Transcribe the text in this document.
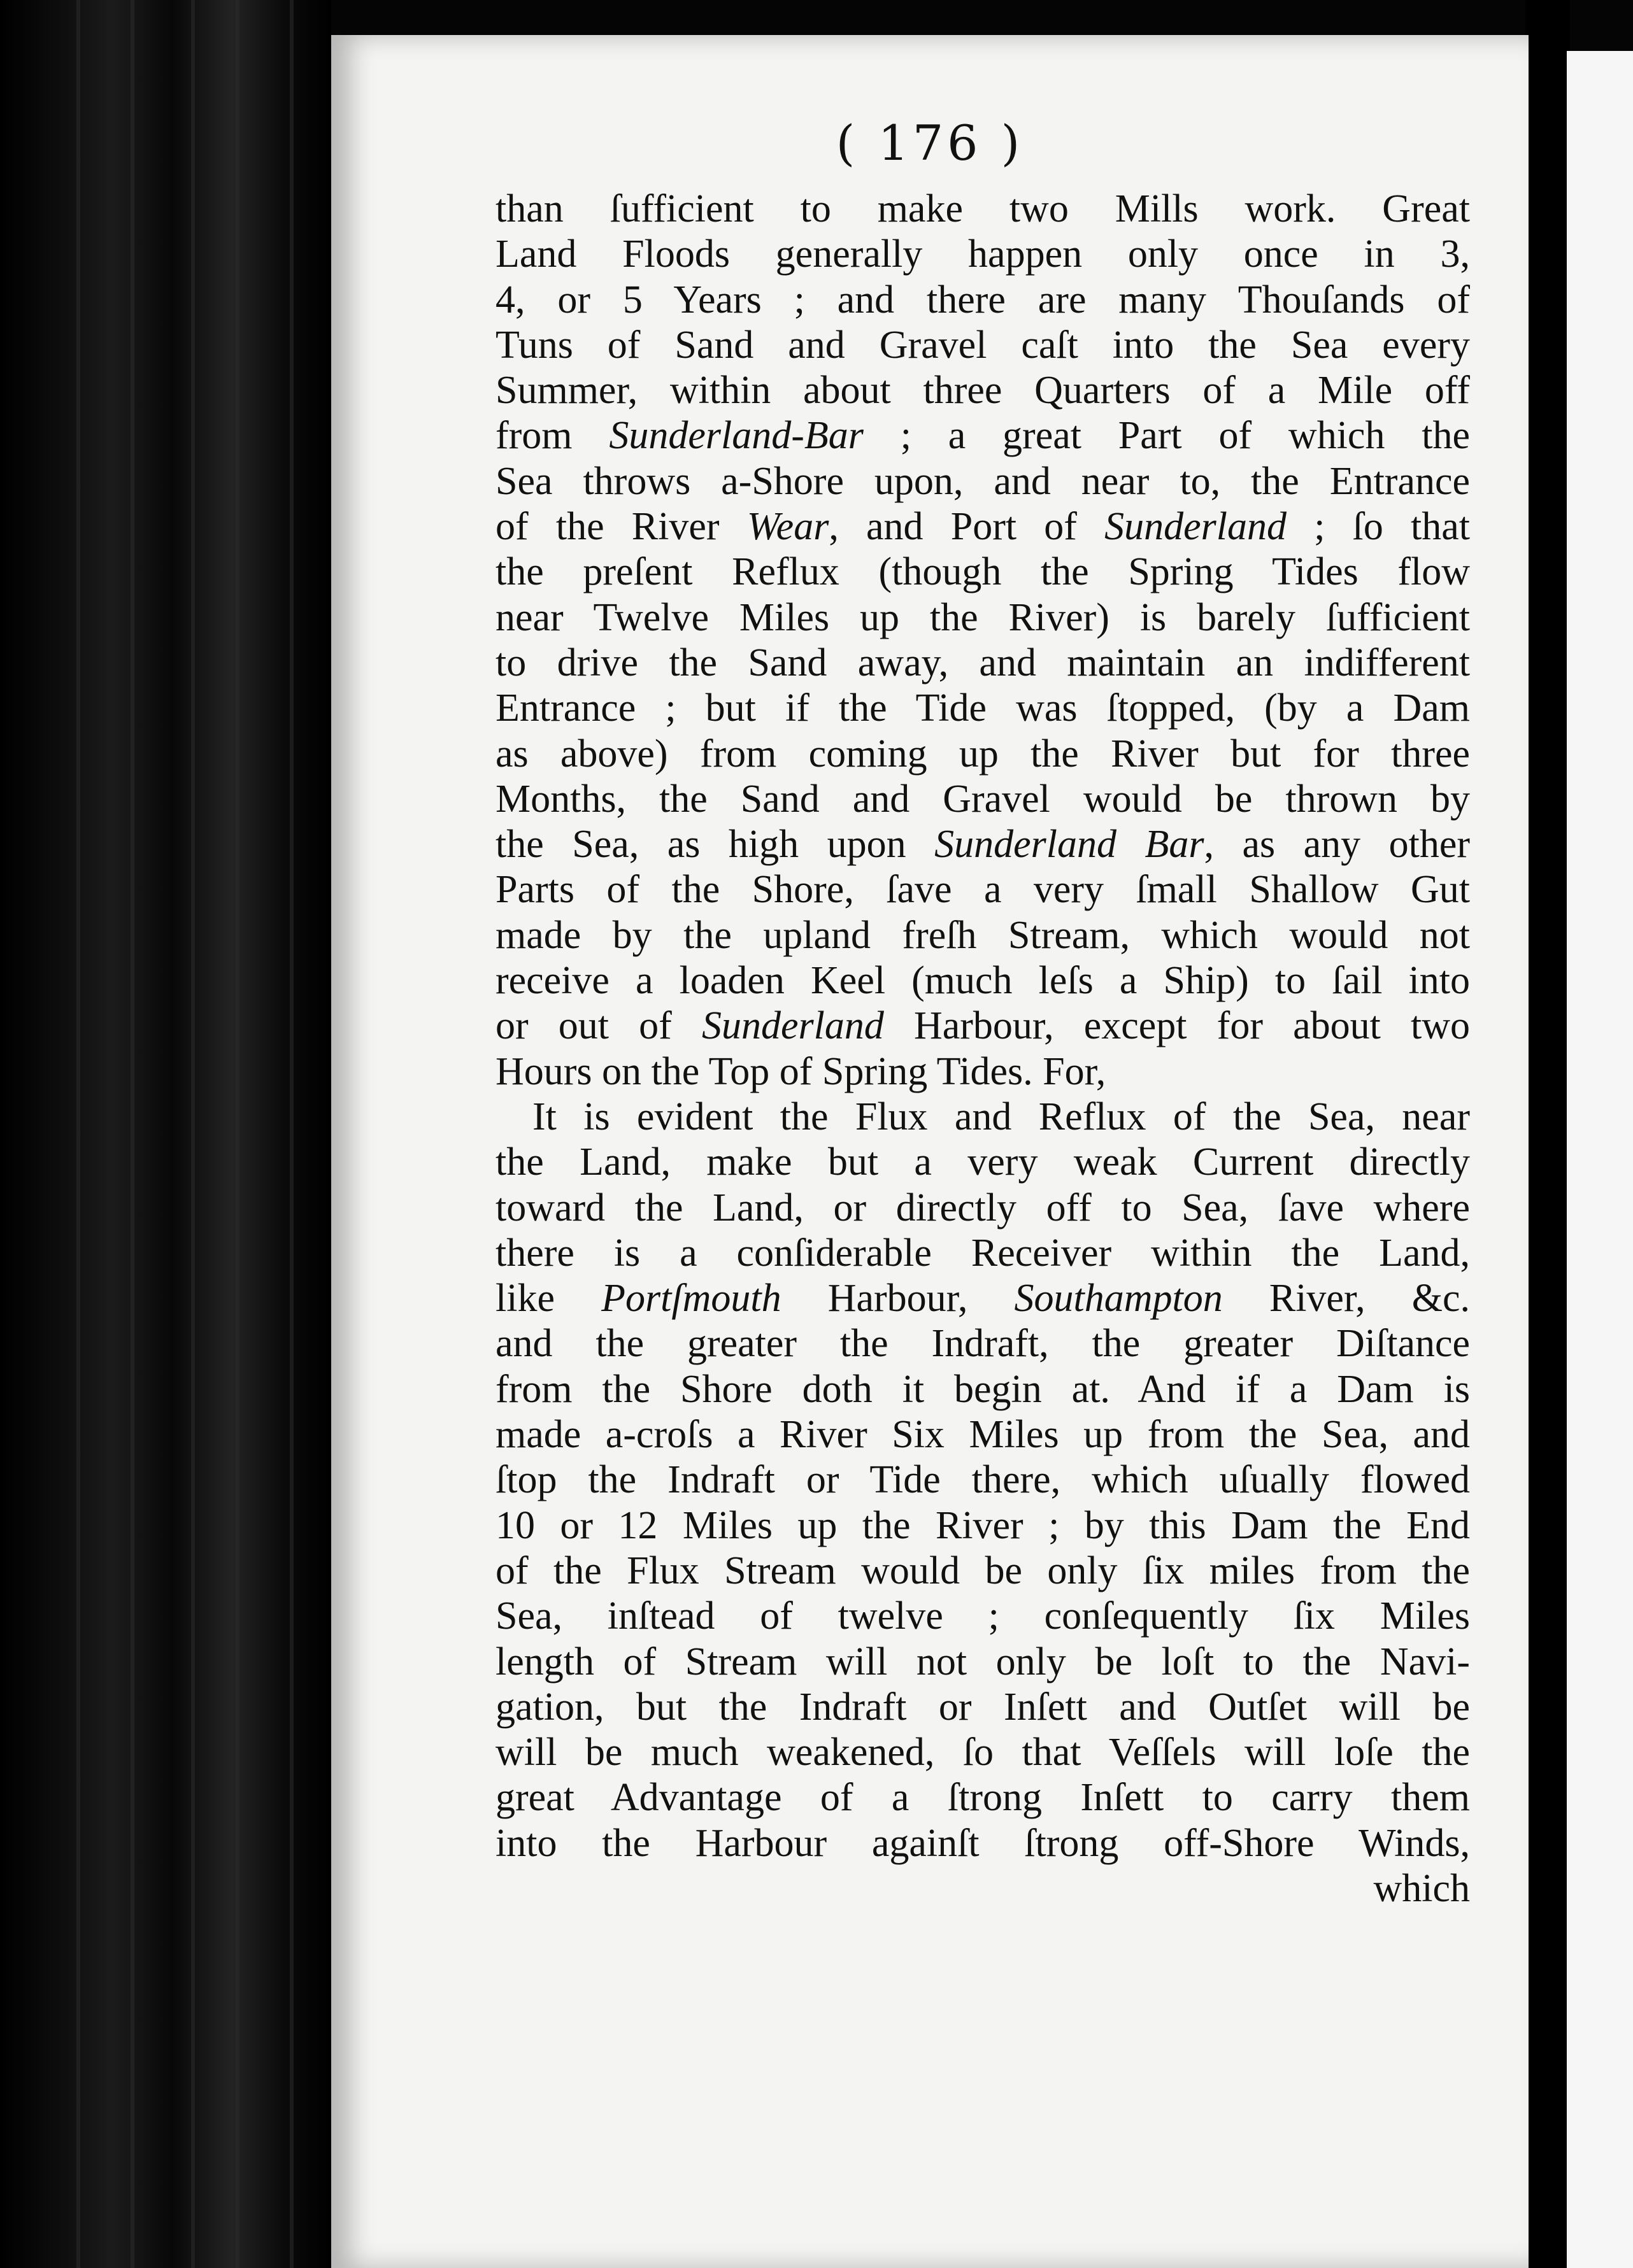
( 176 )
than ſufficient to make two Mills work. Great
Land Floods generally happen only once in 3,
4, or 5 Years ; and there are many Thouſands of
Tuns of Sand and Gravel caſt into the Sea every
Summer, within about three Quarters of a Mile off
from Sunderland-Bar ; a great Part of which the
Sea throws a-Shore upon, and near to, the Entrance
of the River Wear, and Port of Sunderland ; ſo that
the preſent Reflux (though the Spring Tides flow
near Twelve Miles up the River) is barely ſufficient
to drive the Sand away, and maintain an indifferent
Entrance ; but if the Tide was ſtopped, (by a Dam
as above) from coming up the River but for three
Months, the Sand and Gravel would be thrown by
the Sea, as high upon Sunderland Bar, as any other
Parts of the Shore, ſave a very ſmall Shallow Gut
made by the upland freſh Stream, which would not
receive a loaden Keel (much leſs a Ship) to ſail into
or out of Sunderland Harbour, except for about two
Hours on the Top of Spring Tides. For,
It is evident the Flux and Reflux of the Sea, near
the Land, make but a very weak Current directly
toward the Land, or directly off to Sea, ſave where
there is a conſiderable Receiver within the Land,
like Portſmouth Harbour, Southampton River, &c.
and the greater the Indraft, the greater Diſtance
from the Shore doth it begin at. And if a Dam is
made a-croſs a River Six Miles up from the Sea, and
ſtop the Indraft or Tide there, which uſually flowed
10 or 12 Miles up the River ; by this Dam the End
of the Flux Stream would be only ſix miles from the
Sea, inſtead of twelve ; conſequently ſix Miles
length of Stream will not only be loſt to the Navi-
gation, but the Indraft or Inſett and Outſet will be
will be much weakened, ſo that Veſſels will loſe the
great Advantage of a ſtrong Inſett to carry them
into the Harbour againſt ſtrong off-Shore Winds,
which
